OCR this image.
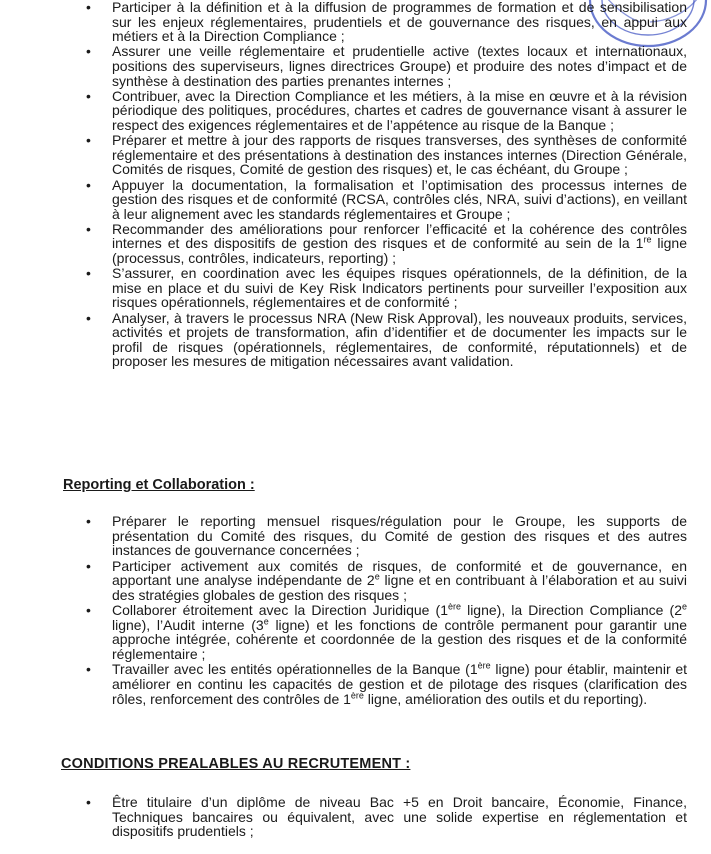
• Participer à la définition et à la diffusion de programmes de formation et de sensibilisation sur les enjeux réglementaires, prudentiels et de gouvernance des risques, en appui aux métiers et à la Direction Compliance ;
• Assurer une veille réglementaire et prudentielle active (textes locaux et internationaux, positions des superviseurs, lignes directrices Groupe) et produire des notes d’impact et de synthèse à destination des parties prenantes internes ;
• Contribuer, avec la Direction Compliance et les métiers, à la mise en œuvre et à la révision périodique des politiques, procédures, chartes et cadres de gouvernance visant à assurer le respect des exigences réglementaires et de l’appétence au risque de la Banque ;
• Préparer et mettre à jour des rapports de risques transverses, des synthèses de conformité réglementaire et des présentations à destination des instances internes (Direction Générale, Comités de risques, Comité de gestion des risques) et, le cas échéant, du Groupe ;
• Appuyer la documentation, la formalisation et l’optimisation des processus internes de gestion des risques et de conformité (RCSA, contrôles clés, NRA, suivi d’actions), en veillant à leur alignement avec les standards réglementaires et Groupe ;
• Recommander des améliorations pour renforcer l’efficacité et la cohérence des contrôles internes et des dispositifs de gestion des risques et de conformité au sein de la 1re ligne (processus, contrôles, indicateurs, reporting) ;
• S’assurer, en coordination avec les équipes risques opérationnels, de la définition, de la mise en place et du suivi de Key Risk Indicators pertinents pour surveiller l’exposition aux risques opérationnels, réglementaires et de conformité ;
• Analyser, à travers le processus NRA (New Risk Approval), les nouveaux produits, services, activités et projets de transformation, afin d’identifier et de documenter les impacts sur le profil de risques (opérationnels, réglementaires, de conformité, réputationnels) et de proposer les mesures de mitigation nécessaires avant validation.
Reporting et Collaboration :
• Préparer le reporting mensuel risques/régulation pour le Groupe, les supports de présentation du Comité des risques, du Comité de gestion des risques et des autres instances de gouvernance concernées ;
• Participer activement aux comités de risques, de conformité et de gouvernance, en apportant une analyse indépendante de 2e ligne et en contribuant à l’élaboration et au suivi des stratégies globales de gestion des risques ;
• Collaborer étroitement avec la Direction Juridique (1ère ligne), la Direction Compliance (2e ligne), l’Audit interne (3e ligne) et les fonctions de contrôle permanent pour garantir une approche intégrée, cohérente et coordonnée de la gestion des risques et de la conformité réglementaire ;
• Travailler avec les entités opérationnelles de la Banque (1ère ligne) pour établir, maintenir et améliorer en continu les capacités de gestion et de pilotage des risques (clarification des rôles, renforcement des contrôles de 1ère ligne, amélioration des outils et du reporting).
CONDITIONS PREALABLES AU RECRUTEMENT :
• Être titulaire d’un diplôme de niveau Bac +5 en Droit bancaire, Économie, Finance, Techniques bancaires ou équivalent, avec une solide expertise en réglementation et dispositifs prudentiels ;
